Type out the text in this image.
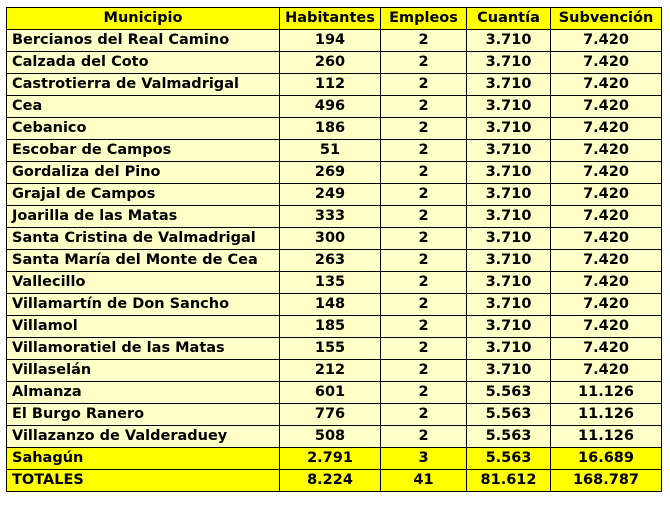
Municipio	Habitantes	Empleos	Cuantía	Subvención
Bercianos del Real Camino	194	2	3.710	7.420
Calzada del Coto	260	2	3.710	7.420
Castrotierra de Valmadrigal	112	2	3.710	7.420
Cea	496	2	3.710	7.420
Cebanico	186	2	3.710	7.420
Escobar de Campos	51	2	3.710	7.420
Gordaliza del Pino	269	2	3.710	7.420
Grajal de Campos	249	2	3.710	7.420
Joarilla de las Matas	333	2	3.710	7.420
Santa Cristina de Valmadrigal	300	2	3.710	7.420
Santa María del Monte de Cea	263	2	3.710	7.420
Vallecillo	135	2	3.710	7.420
Villamartín de Don Sancho	148	2	3.710	7.420
Villamol	185	2	3.710	7.420
Villamoratiel de las Matas	155	2	3.710	7.420
Villaselán	212	2	3.710	7.420
Almanza	601	2	5.563	11.126
El Burgo Ranero	776	2	5.563	11.126
Villazanzo de Valderaduey	508	2	5.563	11.126
Sahagún	2.791	3	5.563	16.689
TOTALES	8.224	41	81.612	168.787
